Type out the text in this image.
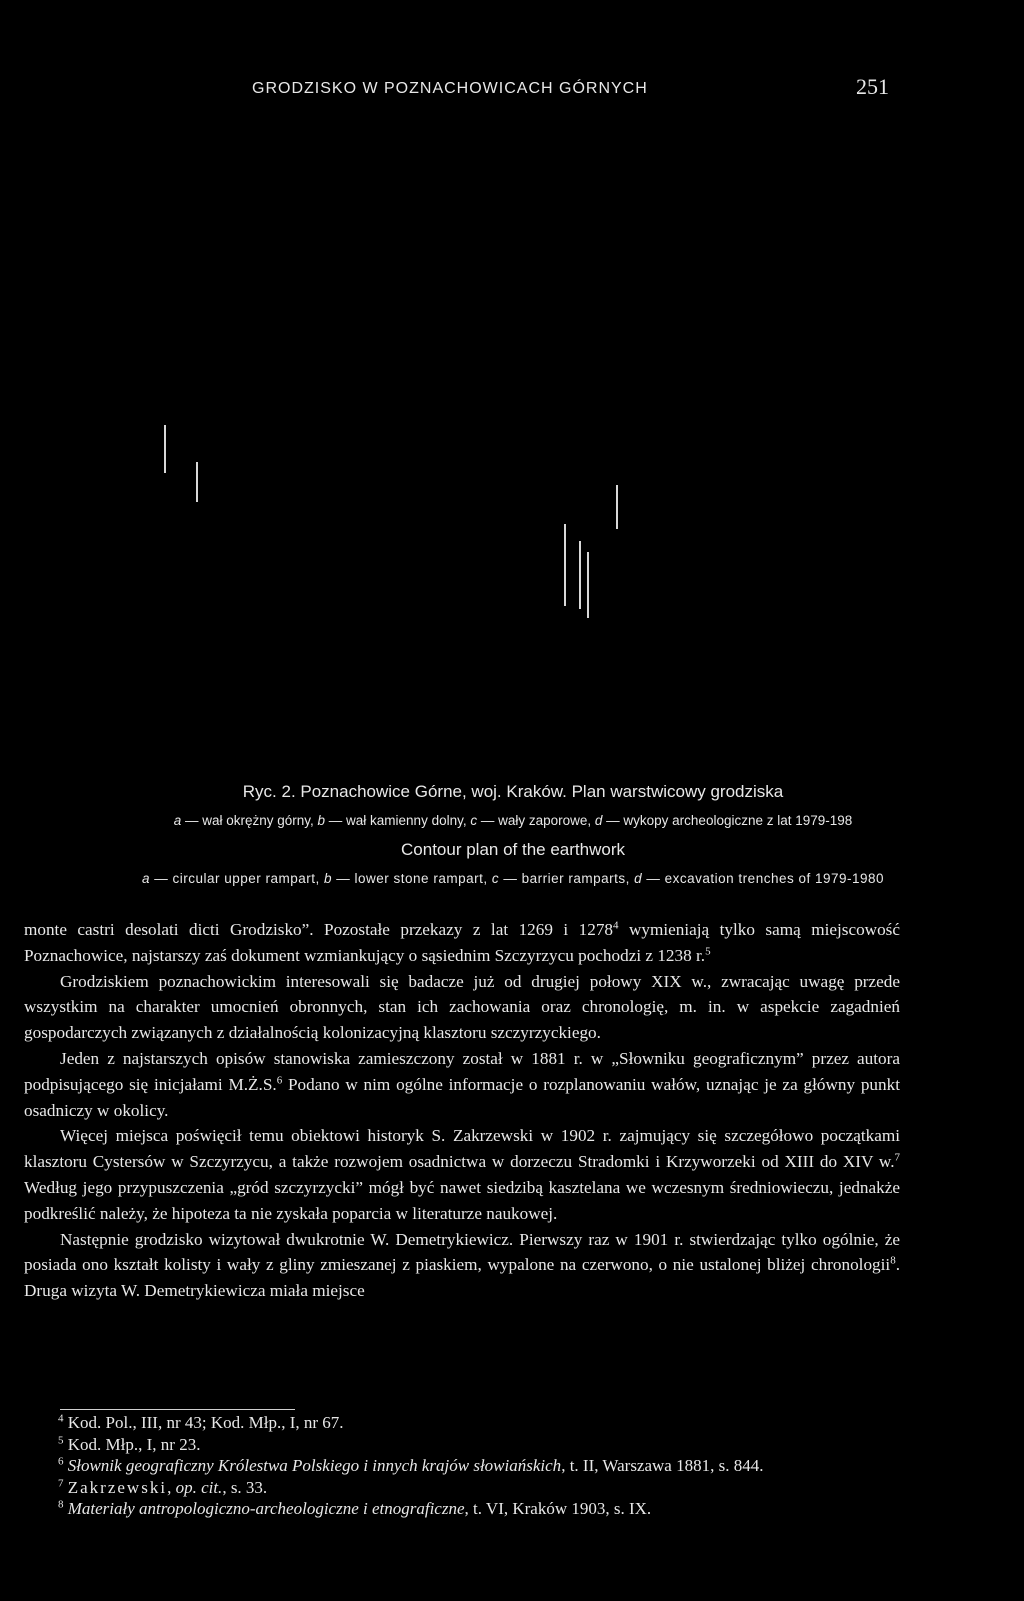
GRODZISKO W POZNACHOWICACH GÓRNYCH	251
Ryc. 2. Poznachowice Górne, woj. Kraków. Plan warstwicowy grodziska
a — wał okrężny górny, b — wał kamienny dolny, c — wały zaporowe, d — wykopy archeologiczne z lat 1979-198
Contour plan of the earthwork
a — circular upper rampart, b — lower stone rampart, c — barrier ramparts, d — excavation trenches of 1979-1980

monte castri desolati dicti Grodzisko”. Pozostałe przekazy z lat 1269 i 1278$^4$ wymieniają tylko samą miejscowość Poznachowice, najstarszy zaś dokument wzmiankujący o sąsiednim Szczyrzycu pochodzi z 1238 r.$^5$

Grodziskiem poznachowickim interesowali się badacze już od drugiej połowy XIX w., zwracając uwagę przede wszystkim na charakter umocnień obronnych, stan ich zachowania oraz chronologię, m. in. w aspekcie zagadnień gospodarczych związanych z działalnością kolonizacyjną klasztoru szczyrzyckiego.

Jeden z najstarszych opisów stanowiska zamieszczony został w 1881 r. w „Słowniku geograficznym” przez autora podpisującego się inicjałami M.Ż.S.$^6$ Podano w nim ogólne informacje o rozplanowaniu wałów, uznając je za główny punkt osadniczy w okolicy.

Więcej miejsca poświęcił temu obiektowi historyk S. Zakrzewski w 1902 r. zajmujący się szczegółowo początkami klasztoru Cystersów w Szczyrzycu, a także rozwojem osadnictwa w dorzeczu Stradomki i Krzyworzeki od XIII do XIV w.$^7$ Według jego przypuszczenia „gród szczyrzycki” mógł być nawet siedzibą kasztelana we wczesnym średniowieczu, jednakże podkreślić należy, że hipoteza ta nie zyskała poparcia w literaturze naukowej.

Następnie grodzisko wizytował dwukrotnie W. Demetrykiewicz. Pierwszy raz w 1901 r. stwierdzając tylko ogólnie, że posiada ono kształt kolisty i wały z gliny zmieszanej z piaskiem, wypalone na czerwono, o nie ustalonej bliżej chronologii$^8$. Druga wizyta W. Demetrykiewicza miała miejsce

$^4$ Kod. Pol., III, nr 43; Kod. Młp., I, nr 67.

$^5$ Kod. Młp., I, nr 23.

$^6$ Słownik geograficzny Królestwa Polskiego i innych krajów słowiańskich, t. II, Warszawa 1881, s. 844.

$^7$ Zakrzewski, op. cit., s. 33.

$^8$ Materiały antropologiczno-archeologiczne i etnograficzne, t. VI, Kraków 1903, s. IX.
